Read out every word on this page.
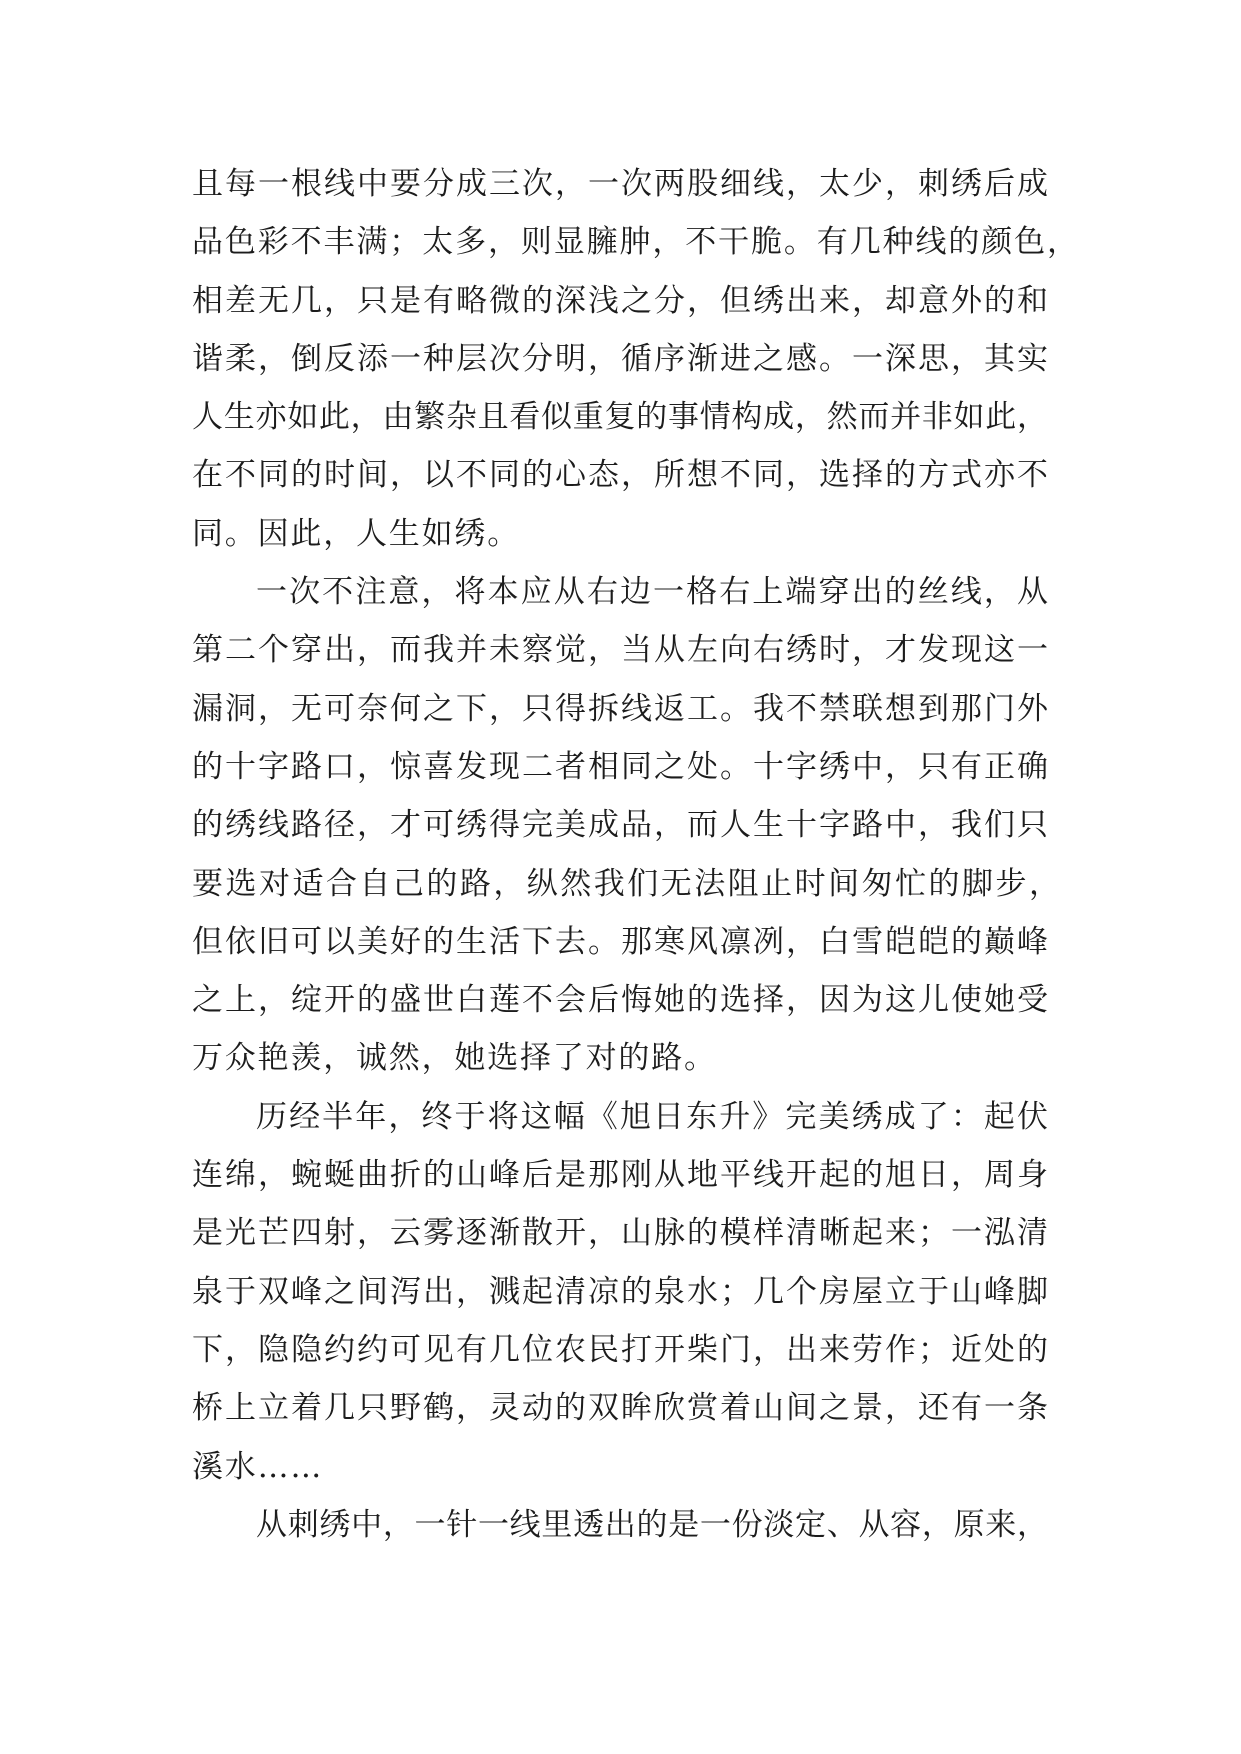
且每一根线中要分成三次，一次两股细线，太少，刺绣后成
品色彩不丰满；太多，则显臃肿，不干脆。有几种线的颜色，
相差无几，只是有略微的深浅之分，但绣出来，却意外的和
谐柔，倒反添一种层次分明，循序渐进之感。一深思，其实
人生亦如此，由繁杂且看似重复的事情构成，然而并非如此，
在不同的时间，以不同的心态，所想不同，选择的方式亦不
同。因此，人生如绣。
一次不注意，将本应从右边一格右上端穿出的丝线，从
第二个穿出，而我并未察觉，当从左向右绣时，才发现这一
漏洞，无可奈何之下，只得拆线返工。我不禁联想到那门外
的十字路口，惊喜发现二者相同之处。十字绣中，只有正确
的绣线路径，才可绣得完美成品，而人生十字路中，我们只
要选对适合自己的路，纵然我们无法阻止时间匆忙的脚步，
但依旧可以美好的生活下去。那寒风凛冽，白雪皑皑的巅峰
之上，绽开的盛世白莲不会后悔她的选择，因为这儿使她受
万众艳羡，诚然，她选择了对的路。
历经半年，终于将这幅《旭日东升》完美绣成了：起伏
连绵，蜿蜒曲折的山峰后是那刚从地平线开起的旭日，周身
是光芒四射，云雾逐渐散开，山脉的模样清晰起来；一泓清
泉于双峰之间泻出，溅起清凉的泉水；几个房屋立于山峰脚
下，隐隐约约可见有几位农民打开柴门，出来劳作；近处的
桥上立着几只野鹤，灵动的双眸欣赏着山间之景，还有一条
溪水……
从刺绣中，一针一线里透出的是一份淡定、从容，原来，
